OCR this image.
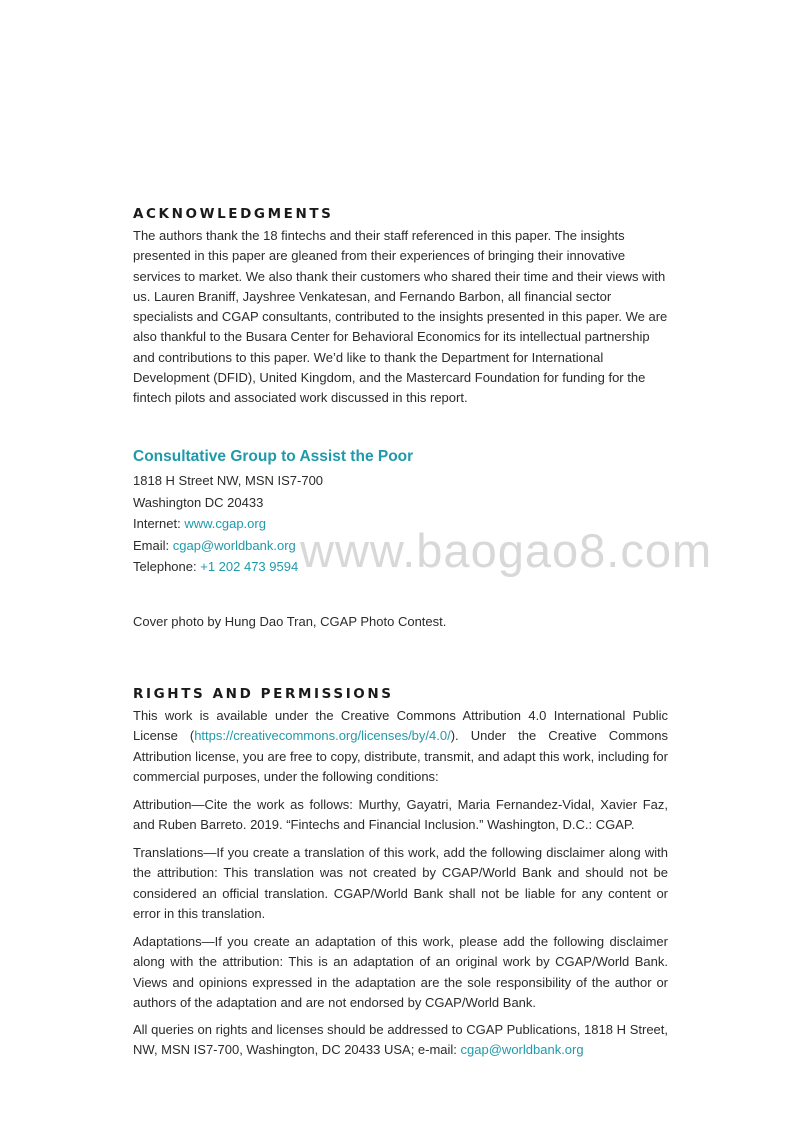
www.baogao8.com
ACKNOWLEDGMENTS
The authors thank the 18 fintechs and their staff referenced in this paper. The insights presented in this paper are gleaned from their experiences of bringing their innovative services to market. We also thank their customers who shared their time and their views with us. Lauren Braniff, Jayshree Venkatesan, and Fernando Barbon, all financial sector specialists and CGAP consultants, contributed to the insights presented in this paper. We are also thankful to the Busara Center for Behavioral Economics for its intellectual partnership and contributions to this paper. We’d like to thank the Department for International Development (DFID), United Kingdom, and the Mastercard Foundation for funding for the fintech pilots and associated work discussed in this report.
Consultative Group to Assist the Poor
1818 H Street NW, MSN IS7-700
Washington DC 20433
Internet: www.cgap.org
Email: cgap@worldbank.org
Telephone: +1 202 473 9594
Cover photo by Hung Dao Tran, CGAP Photo Contest.
RIGHTS AND PERMISSIONS
This work is available under the Creative Commons Attribution 4.0 International Public License (https://creativecommons.org/licenses/by/4.0/). Under the Creative Commons Attribution license, you are free to copy, distribute, transmit, and adapt this work, including for commercial purposes, under the following conditions:
Attribution—Cite the work as follows: Murthy, Gayatri, Maria Fernandez-Vidal, Xavier Faz, and Ruben Barreto. 2019. “Fintechs and Financial Inclusion.” Washington, D.C.: CGAP.
Translations—If you create a translation of this work, add the following disclaimer along with the attribution: This translation was not created by CGAP/World Bank and should not be considered an official translation. CGAP/World Bank shall not be liable for any content or error in this translation.
Adaptations—If you create an adaptation of this work, please add the following disclaimer along with the attribution: This is an adaptation of an original work by CGAP/World Bank. Views and opinions expressed in the adaptation are the sole responsibility of the author or authors of the adaptation and are not endorsed by CGAP/World Bank.
All queries on rights and licenses should be addressed to CGAP Publications, 1818 H Street, NW, MSN IS7-700, Washington, DC 20433 USA; e-mail: cgap@worldbank.org
